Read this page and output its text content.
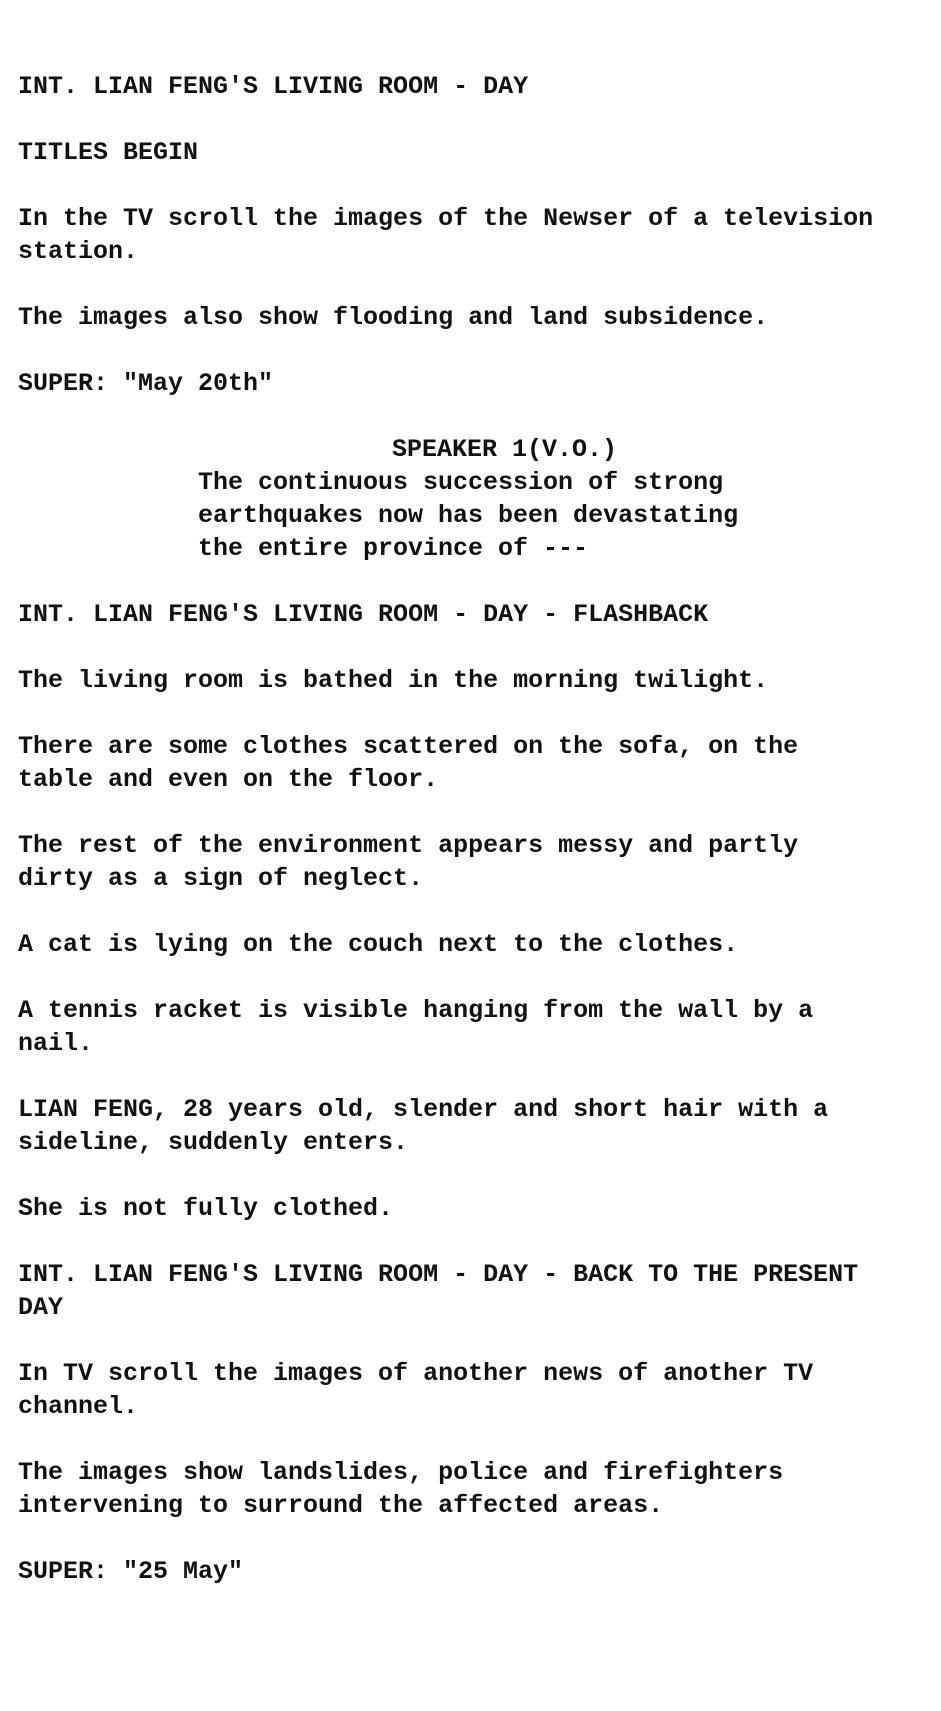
INT. LIAN FENG'S LIVING ROOM - DAY
TITLES BEGIN
In the TV scroll the images of the Newser of a television
station.
The images also show flooding and land subsidence.
SUPER: "May 20th"
SPEAKER 1(V.O.)
The continuous succession of strong
earthquakes now has been devastating
the entire province of ---
INT. LIAN FENG'S LIVING ROOM - DAY - FLASHBACK
The living room is bathed in the morning twilight.
There are some clothes scattered on the sofa, on the
table and even on the floor.
The rest of the environment appears messy and partly
dirty as a sign of neglect.
A cat is lying on the couch next to the clothes.
A tennis racket is visible hanging from the wall by a
nail.
LIAN FENG, 28 years old, slender and short hair with a
sideline, suddenly enters.
She is not fully clothed.
INT. LIAN FENG'S LIVING ROOM - DAY - BACK TO THE PRESENT
DAY
In TV scroll the images of another news of another TV
channel.
The images show landslides, police and firefighters
intervening to surround the affected areas.
SUPER: "25 May"
